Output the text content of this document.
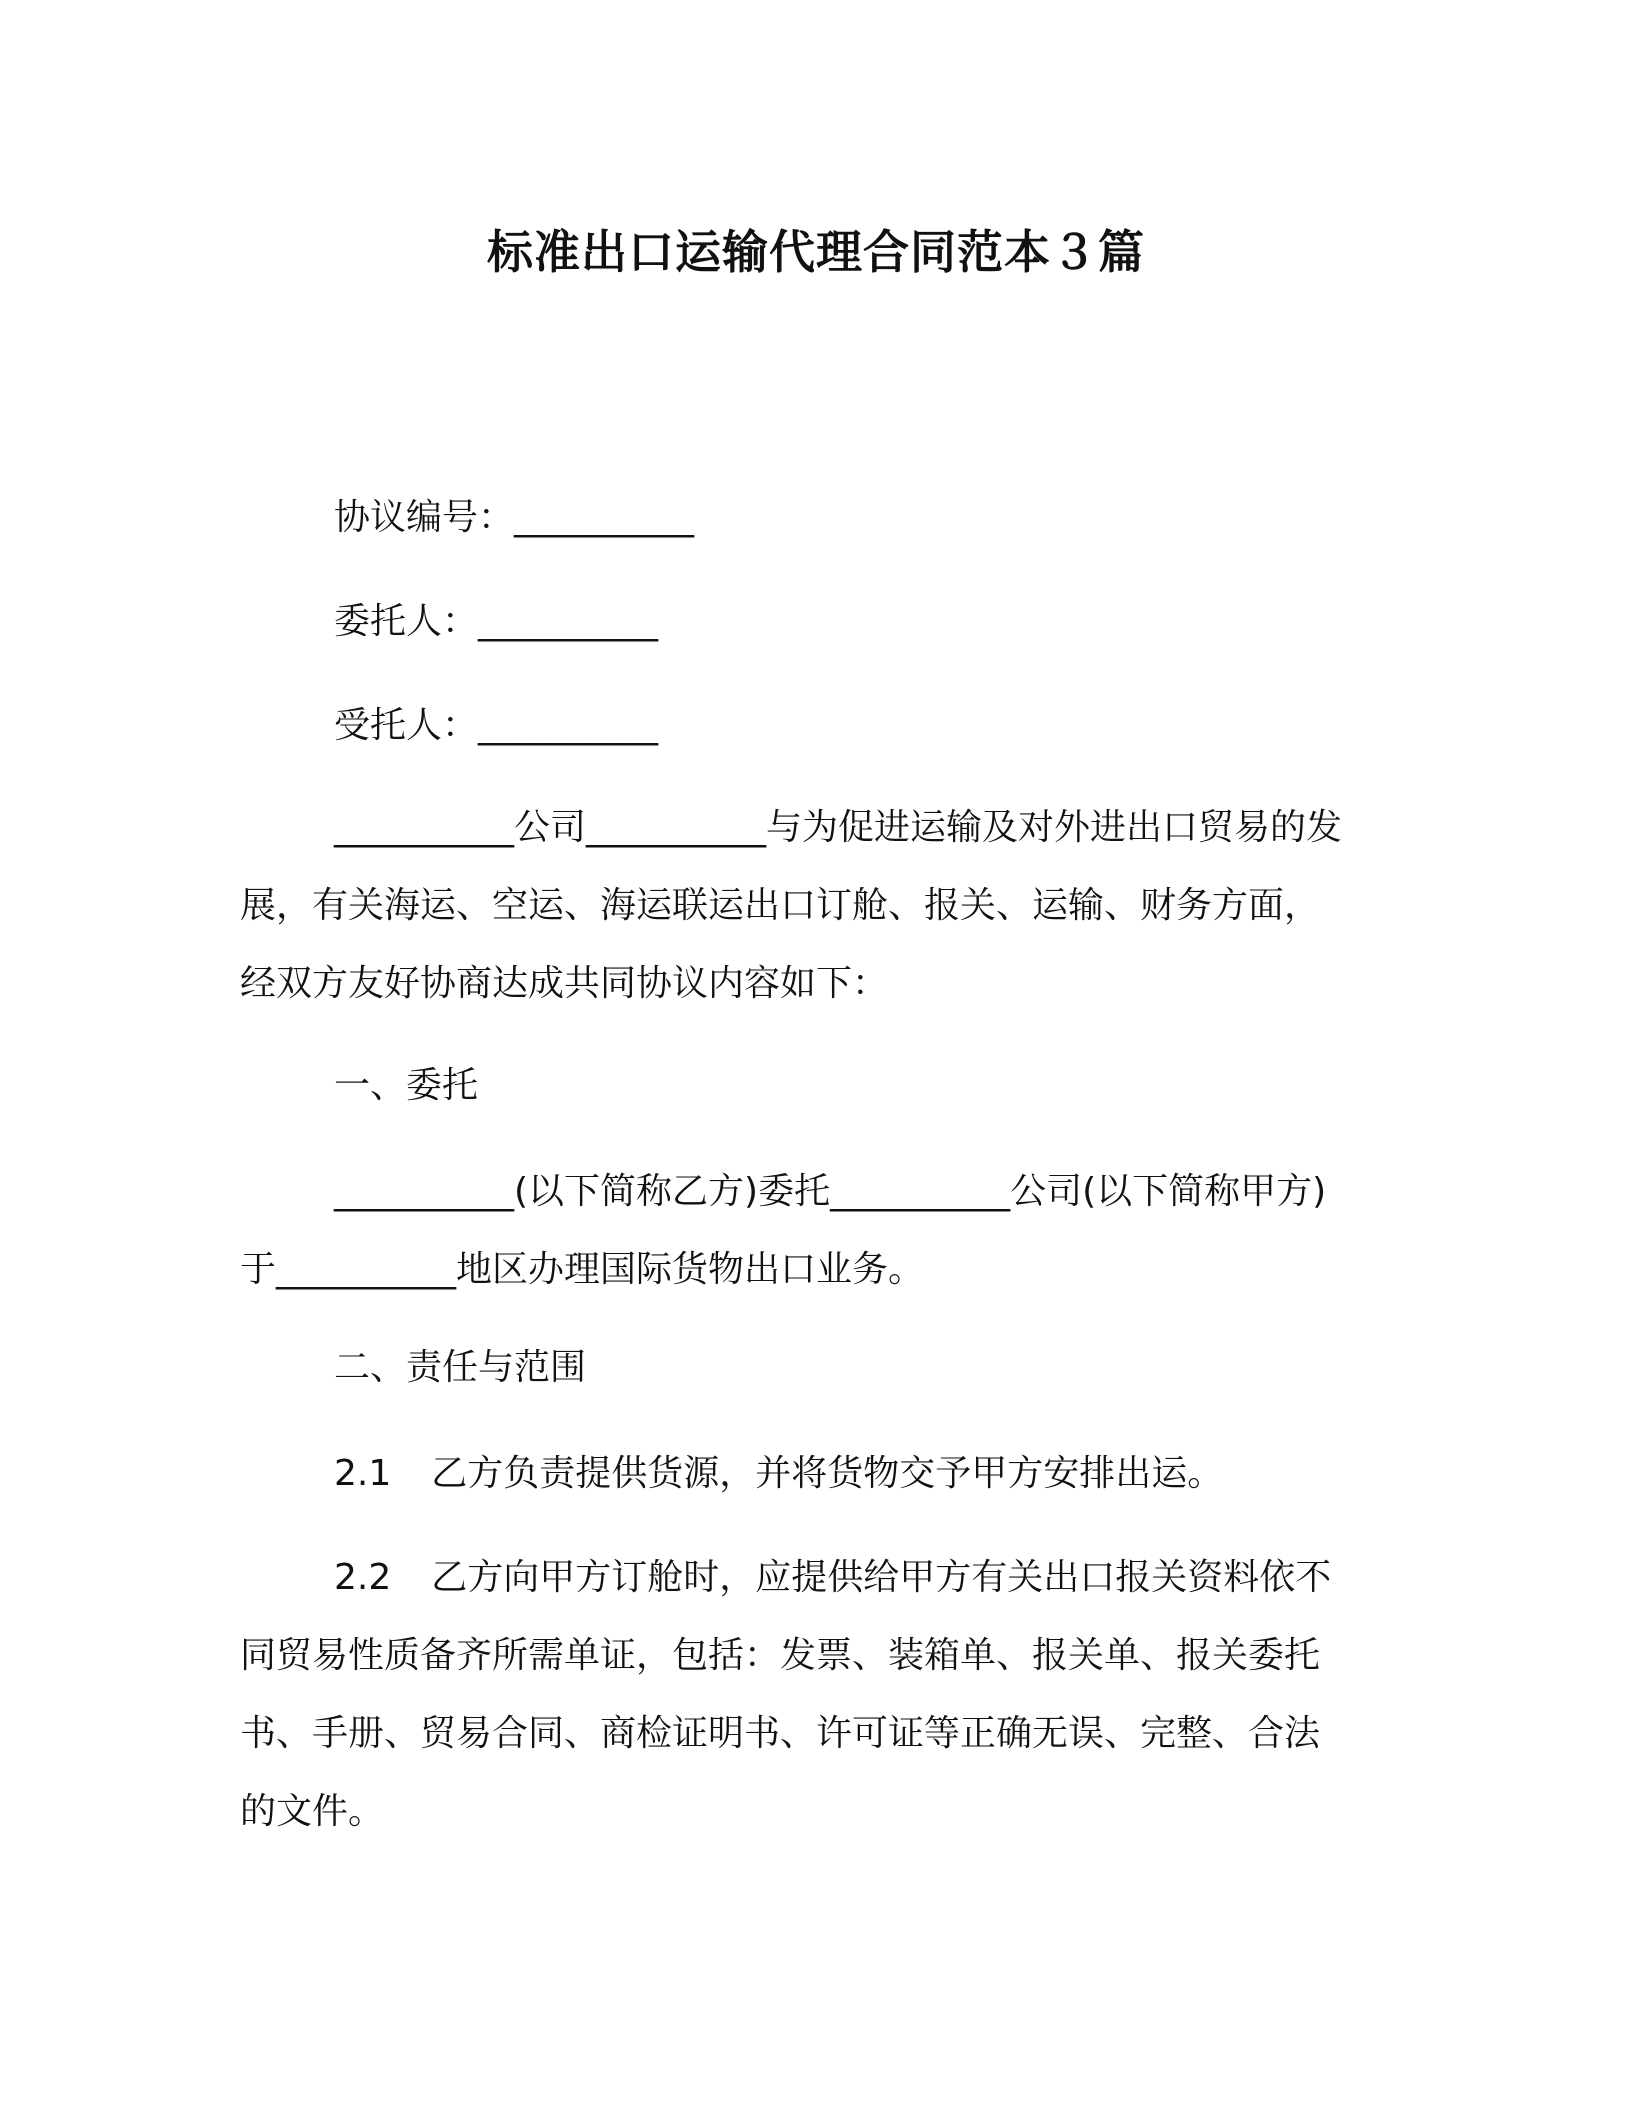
标准出口运输代理合同范本３篇

协议编号：__________

委托人：__________

受托人：__________

__________公司__________与为促进运输及对外进出口贸易的发

展，有关海运、空运、海运联运出口订舱、报关、运输、财务方面，

经双方友好协商达成共同协议内容如下：

一、委托

__________(以下简称乙方)委托__________公司(以下简称甲方)

于__________地区办理国际货物出口业务。

二、责任与范围

2.1 乙方负责提供货源，并将货物交予甲方安排出运。

2.2 乙方向甲方订舱时，应提供给甲方有关出口报关资料依不

同贸易性质备齐所需单证，包括：发票、装箱单、报关单、报关委托

书、手册、贸易合同、商检证明书、许可证等正确无误、完整、合法

的文件。
